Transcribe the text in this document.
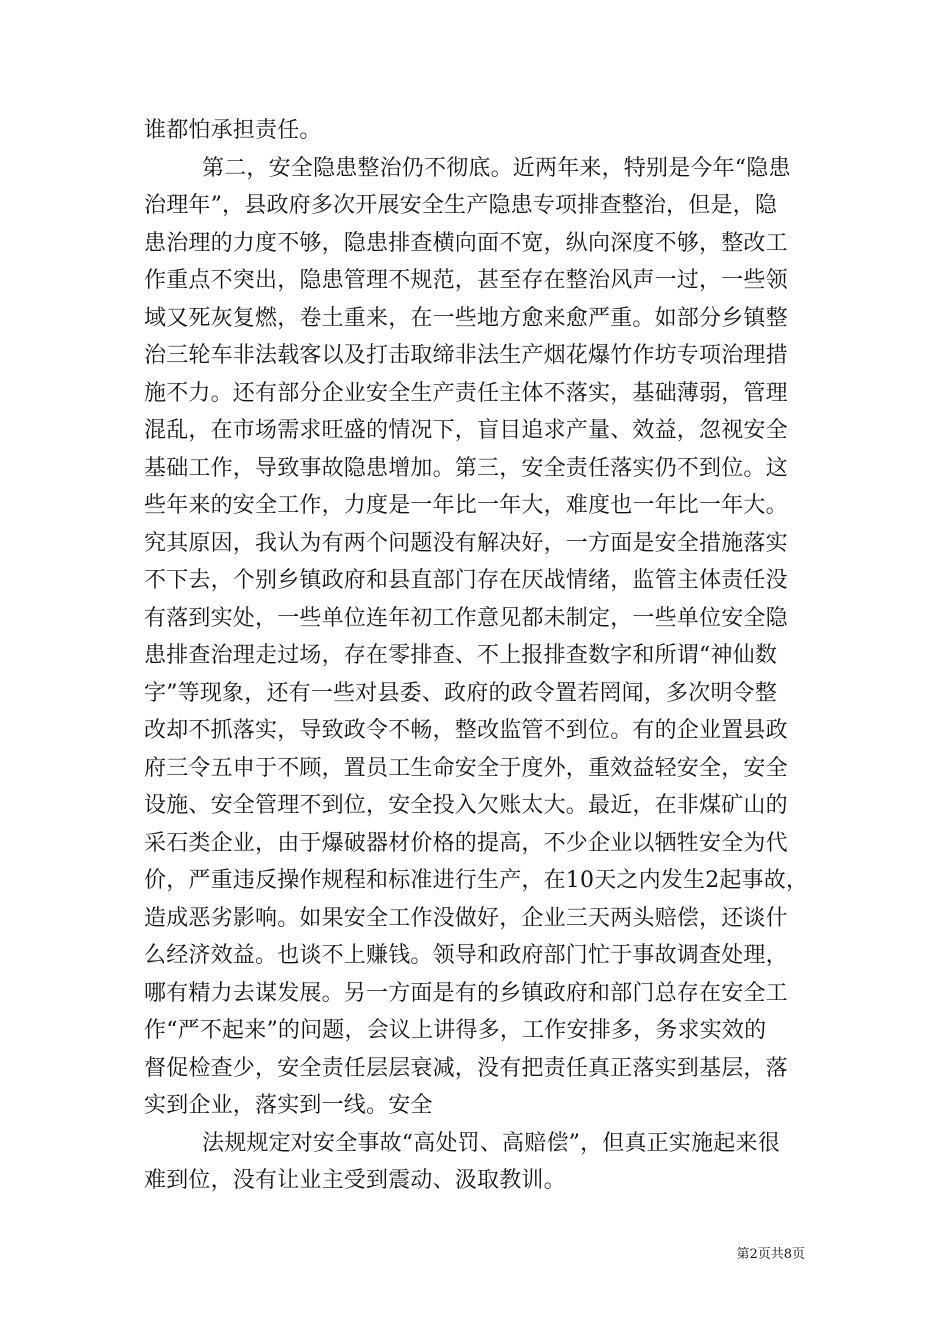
谁都怕承担责任。
第二，安全隐患整治仍不彻底。近两年来，特别是今年“隐患
治理年”，县政府多次开展安全生产隐患专项排查整治，但是，隐
患治理的力度不够，隐患排查横向面不宽，纵向深度不够，整改工
作重点不突出，隐患管理不规范，甚至存在整治风声一过，一些领
域又死灰复燃，卷土重来，在一些地方愈来愈严重。如部分乡镇整
治三轮车非法载客以及打击取缔非法生产烟花爆竹作坊专项治理措
施不力。还有部分企业安全生产责任主体不落实，基础薄弱，管理
混乱，在市场需求旺盛的情况下，盲目追求产量、效益，忽视安全
基础工作，导致事故隐患增加。第三，安全责任落实仍不到位。这
些年来的安全工作，力度是一年比一年大，难度也一年比一年大。
究其原因，我认为有两个问题没有解决好，一方面是安全措施落实
不下去，个别乡镇政府和县直部门存在厌战情绪，监管主体责任没
有落到实处，一些单位连年初工作意见都未制定，一些单位安全隐
患排查治理走过场，存在零排查、不上报排查数字和所谓“神仙数
字”等现象，还有一些对县委、政府的政令置若罔闻，多次明令整
改却不抓落实，导致政令不畅，整改监管不到位。有的企业置县政
府三令五申于不顾，置员工生命安全于度外，重效益轻安全，安全
设施、安全管理不到位，安全投入欠账太大。最近，在非煤矿山的
采石类企业，由于爆破器材价格的提高，不少企业以牺牲安全为代
价，严重违反操作规程和标准进行生产，在10天之内发生2起事故，
造成恶劣影响。如果安全工作没做好，企业三天两头赔偿，还谈什
么经济效益。也谈不上赚钱。领导和政府部门忙于事故调查处理，
哪有精力去谋发展。另一方面是有的乡镇政府和部门总存在安全工
作“严不起来”的问题，会议上讲得多，工作安排多，务求实效的
督促检查少，安全责任层层衰减，没有把责任真正落实到基层，落
实到企业，落实到一线。安全
法规规定对安全事故“高处罚、高赔偿”，但真正实施起来很
难到位，没有让业主受到震动、汲取教训。
第2页共8页
